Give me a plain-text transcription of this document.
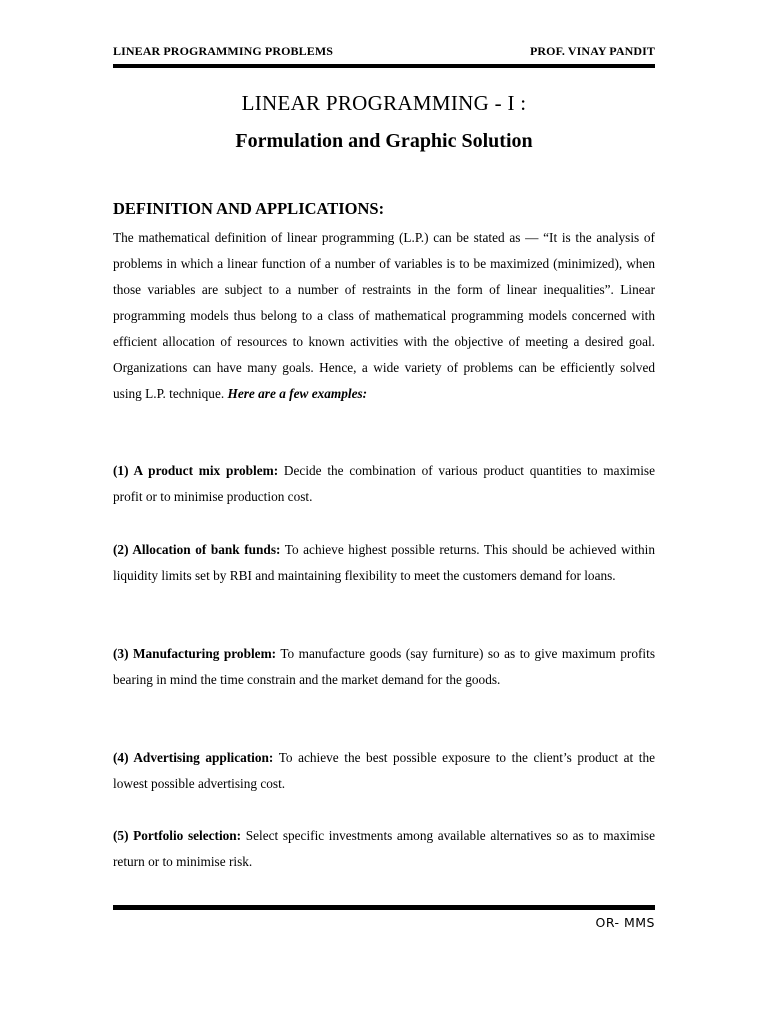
LINEAR PROGRAMMING PROBLEMS	PROF. VINAY PANDIT
LINEAR PROGRAMMING - I :
Formulation and Graphic Solution
DEFINITION AND APPLICATIONS:
The mathematical definition of linear programming (L.P.) can be stated as — “It is the analysis of problems in which a linear function of a number of variables is to be maximized (minimized), when those variables are subject to a number of restraints in the form of linear inequalities”. Linear programming models thus belong to a class of mathematical programming models concerned with efficient allocation of resources to known activities with the objective of meeting a desired goal. Organizations can have many goals. Hence, a wide variety of problems can be efficiently solved using L.P. technique. Here are a few examples:
(1) A product mix problem: Decide the combination of various product quantities to maximise profit or to minimise production cost.
(2) Allocation of bank funds: To achieve highest possible returns. This should be achieved within liquidity limits set by RBI and maintaining flexibility to meet the customers demand for loans.
(3) Manufacturing problem: To manufacture goods (say furniture) so as to give maximum profits bearing in mind the time constrain and the market demand for the goods.
(4) Advertising application: To achieve the best possible exposure to the client’s product at the lowest possible advertising cost.
(5) Portfolio selection: Select specific investments among available alternatives so as to maximise return or to minimise risk.
OR- MMS
